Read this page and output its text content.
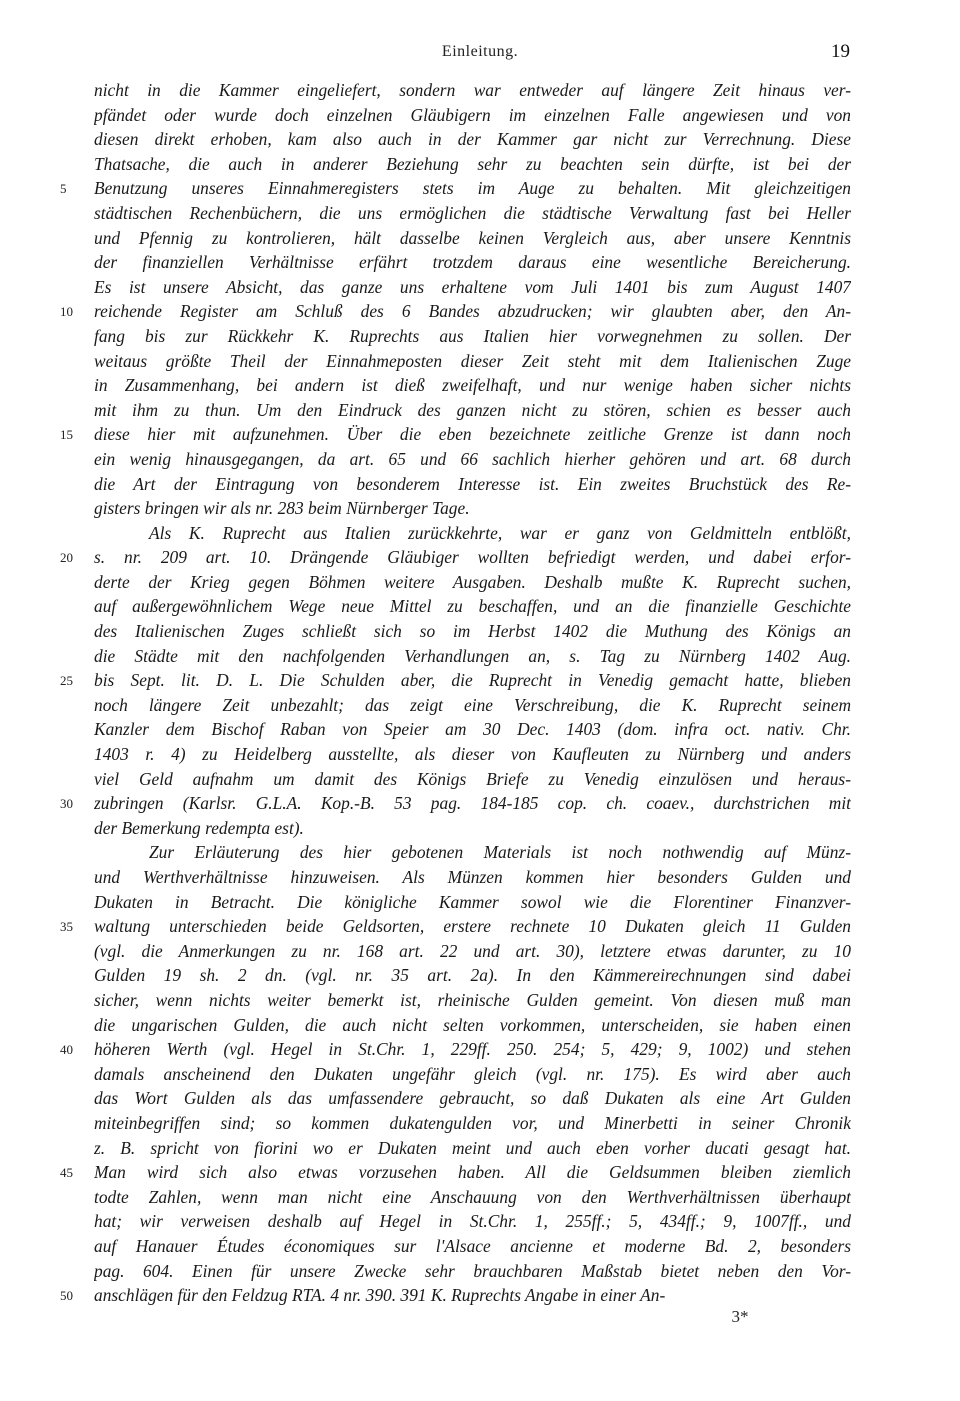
Einleitung.	19
nicht in die Kammer eingeliefert, sondern war entweder auf längere Zeit hinaus ver-
pfändet oder wurde doch einzelnen Gläubigern im einzelnen Falle angewiesen und von
diesen direkt erhoben, kam also auch in der Kammer gar nicht zur Verrechnung. Diese
Thatsache, die auch in anderer Beziehung sehr zu beachten sein dürfte, ist bei der
5	Benutzung unseres Einnahmeregisters stets im Auge zu behalten. Mit gleichzeitigen
städtischen Rechenbüchern, die uns ermöglichen die städtische Verwaltung fast bei Heller
und Pfennig zu kontrolieren, hält dasselbe keinen Vergleich aus, aber unsere Kenntnis
der finanziellen Verhältnisse erfährt trotzdem daraus eine wesentliche Bereicherung.
Es ist unsere Absicht, das ganze uns erhaltene vom Juli 1401 bis zum August 1407
10	reichende Register am Schluß des 6 Bandes abzudrucken; wir glaubten aber, den An-
fang bis zur Rückkehr K. Ruprechts aus Italien hier vorwegnehmen zu sollen. Der
weitaus größte Theil der Einnahmeposten dieser Zeit steht mit dem Italienischen Zuge
in Zusammenhang, bei andern ist dieß zweifelhaft, und nur wenige haben sicher nichts
mit ihm zu thun. Um den Eindruck des ganzen nicht zu stören, schien es besser auch
15	diese hier mit aufzunehmen. Über die eben bezeichnete zeitliche Grenze ist dann noch
ein wenig hinausgegangen, da art. 65 und 66 sachlich hierher gehören und art. 68 durch
die Art der Eintragung von besonderem Interesse ist. Ein zweites Bruchstück des Re-
gisters bringen wir als nr. 283 beim Nürnberger Tage.
Als K. Ruprecht aus Italien zurückkehrte, war er ganz von Geldmitteln entblößt,
20	s. nr. 209 art. 10. Drängende Gläubiger wollten befriedigt werden, und dabei erfor-
derte der Krieg gegen Böhmen weitere Ausgaben. Deshalb mußte K. Ruprecht suchen,
auf außergewöhnlichem Wege neue Mittel zu beschaffen, und an die finanzielle Geschichte
des Italienischen Zuges schließt sich so im Herbst 1402 die Muthung des Königs an
die Städte mit den nachfolgenden Verhandlungen an, s. Tag zu Nürnberg 1402 Aug.
25	bis Sept. lit. D. L. Die Schulden aber, die Ruprecht in Venedig gemacht hatte, blieben
noch längere Zeit unbezahlt; das zeigt eine Verschreibung, die K. Ruprecht seinem
Kanzler dem Bischof Raban von Speier am 30 Dec. 1403 (dom. infra oct. nativ. Chr.
1403 r. 4) zu Heidelberg ausstellte, als dieser von Kaufleuten zu Nürnberg und anders
viel Geld aufnahm um damit des Königs Briefe zu Venedig einzulösen und heraus-
30	zubringen (Karlsr. G.L.A. Kop.-B. 53 pag. 184-185 cop. ch. coaev., durchstrichen mit
der Bemerkung redempta est).
Zur Erläuterung des hier gebotenen Materials ist noch nothwendig auf Münz-
und Werthverhältnisse hinzuweisen. Als Münzen kommen hier besonders Gulden und
Dukaten in Betracht. Die königliche Kammer sowol wie die Florentiner Finanzver-
35	waltung unterschieden beide Geldsorten, erstere rechnete 10 Dukaten gleich 11 Gulden
(vgl. die Anmerkungen zu nr. 168 art. 22 und art. 30), letztere etwas darunter, zu 10
Gulden 19 sh. 2 dn. (vgl. nr. 35 art. 2a). In den Kämmereirechnungen sind dabei
sicher, wenn nichts weiter bemerkt ist, rheinische Gulden gemeint. Von diesen muß man
die ungarischen Gulden, die auch nicht selten vorkommen, unterscheiden, sie haben einen
40	höheren Werth (vgl. Hegel in St.Chr. 1, 229ff. 250. 254; 5, 429; 9, 1002) und stehen
damals anscheinend den Dukaten ungefähr gleich (vgl. nr. 175). Es wird aber auch
das Wort Gulden als das umfassendere gebraucht, so daß Dukaten als eine Art Gulden
miteinbegriffen sind; so kommen dukatengulden vor, und Minerbetti in seiner Chronik
z. B. spricht von fiorini wo er Dukaten meint und auch eben vorher ducati gesagt hat.
45	Man wird sich also etwas vorzusehen haben. All die Geldsummen bleiben ziemlich
todte Zahlen, wenn man nicht eine Anschauung von den Werthverhältnissen überhaupt
hat; wir verweisen deshalb auf Hegel in St.Chr. 1, 255ff.; 5, 434ff.; 9, 1007ff., und
auf Hanauer Études économiques sur l'Alsace ancienne et moderne Bd. 2, besonders
pag. 604. Einen für unsere Zwecke sehr brauchbaren Maßstab bietet neben den Vor-
50	anschlägen für den Feldzug RTA. 4 nr. 390. 391 K. Ruprechts Angabe in einer An-
3*
